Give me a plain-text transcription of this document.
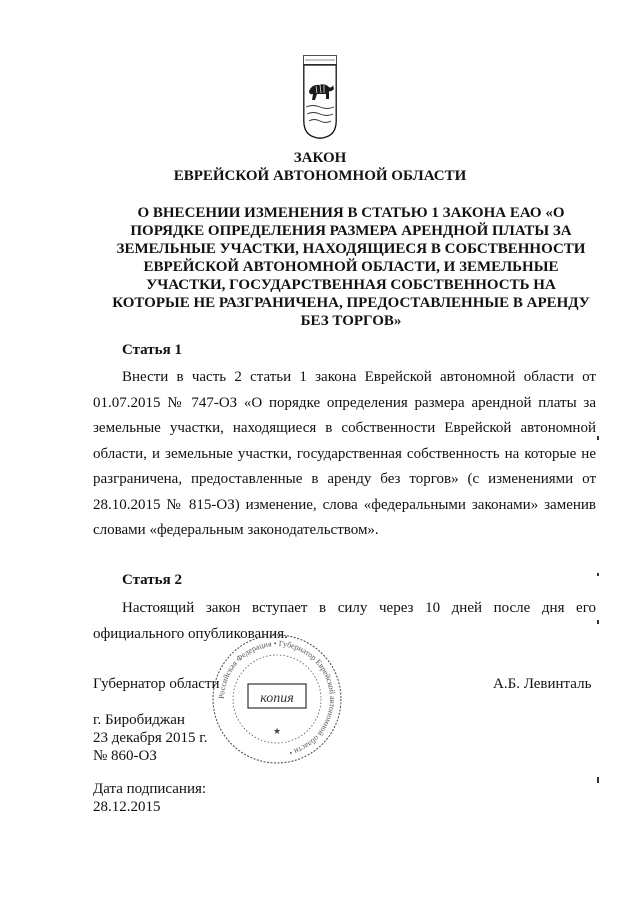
ЗАКОН
ЕВРЕЙСКОЙ АВТОНОМНОЙ ОБЛАСТИ

О ВНЕСЕНИИ ИЗМЕНЕНИЯ В СТАТЬЮ 1 ЗАКОНА ЕАО «О ПОРЯДКЕ ОПРЕДЕЛЕНИЯ РАЗМЕРА АРЕНДНОЙ ПЛАТЫ ЗА ЗЕМЕЛЬНЫЕ УЧАСТКИ, НАХОДЯЩИЕСЯ В СОБСТВЕННОСТИ ЕВРЕЙСКОЙ АВТОНОМНОЙ ОБЛАСТИ, И ЗЕМЕЛЬНЫЕ УЧАСТКИ, ГОСУДАРСТВЕННАЯ СОБСТВЕННОСТЬ НА КОТОРЫЕ НЕ РАЗГРАНИЧЕНА, ПРЕДОСТАВЛЕННЫЕ В АРЕНДУ БЕЗ ТОРГОВ»

Статья 1

Внести в часть 2 статьи 1 закона Еврейской автономной области от 01.07.2015 № 747-ОЗ «О порядке определения размера арендной платы за земельные участки, находящиеся в собственности Еврейской автономной области, и земельные участки, государственная собственность на которые не разграничена, предоставленные в аренду без торгов» (с изменениями от 28.10.2015 № 815-ОЗ) изменение, слова «федеральными законами» заменив словами «федеральным законодательством».

Статья 2

Настоящий закон вступает в силу через 10 дней после дня его официального опубликования.

Российская Федерация • Губернатор Еврейской автономной области •
копия
★

Губернатор области	А.Б. Левинталь

г. Биробиджан
23 декабря 2015 г.
№ 860-ОЗ
Дата подписания:
28.12.2015
